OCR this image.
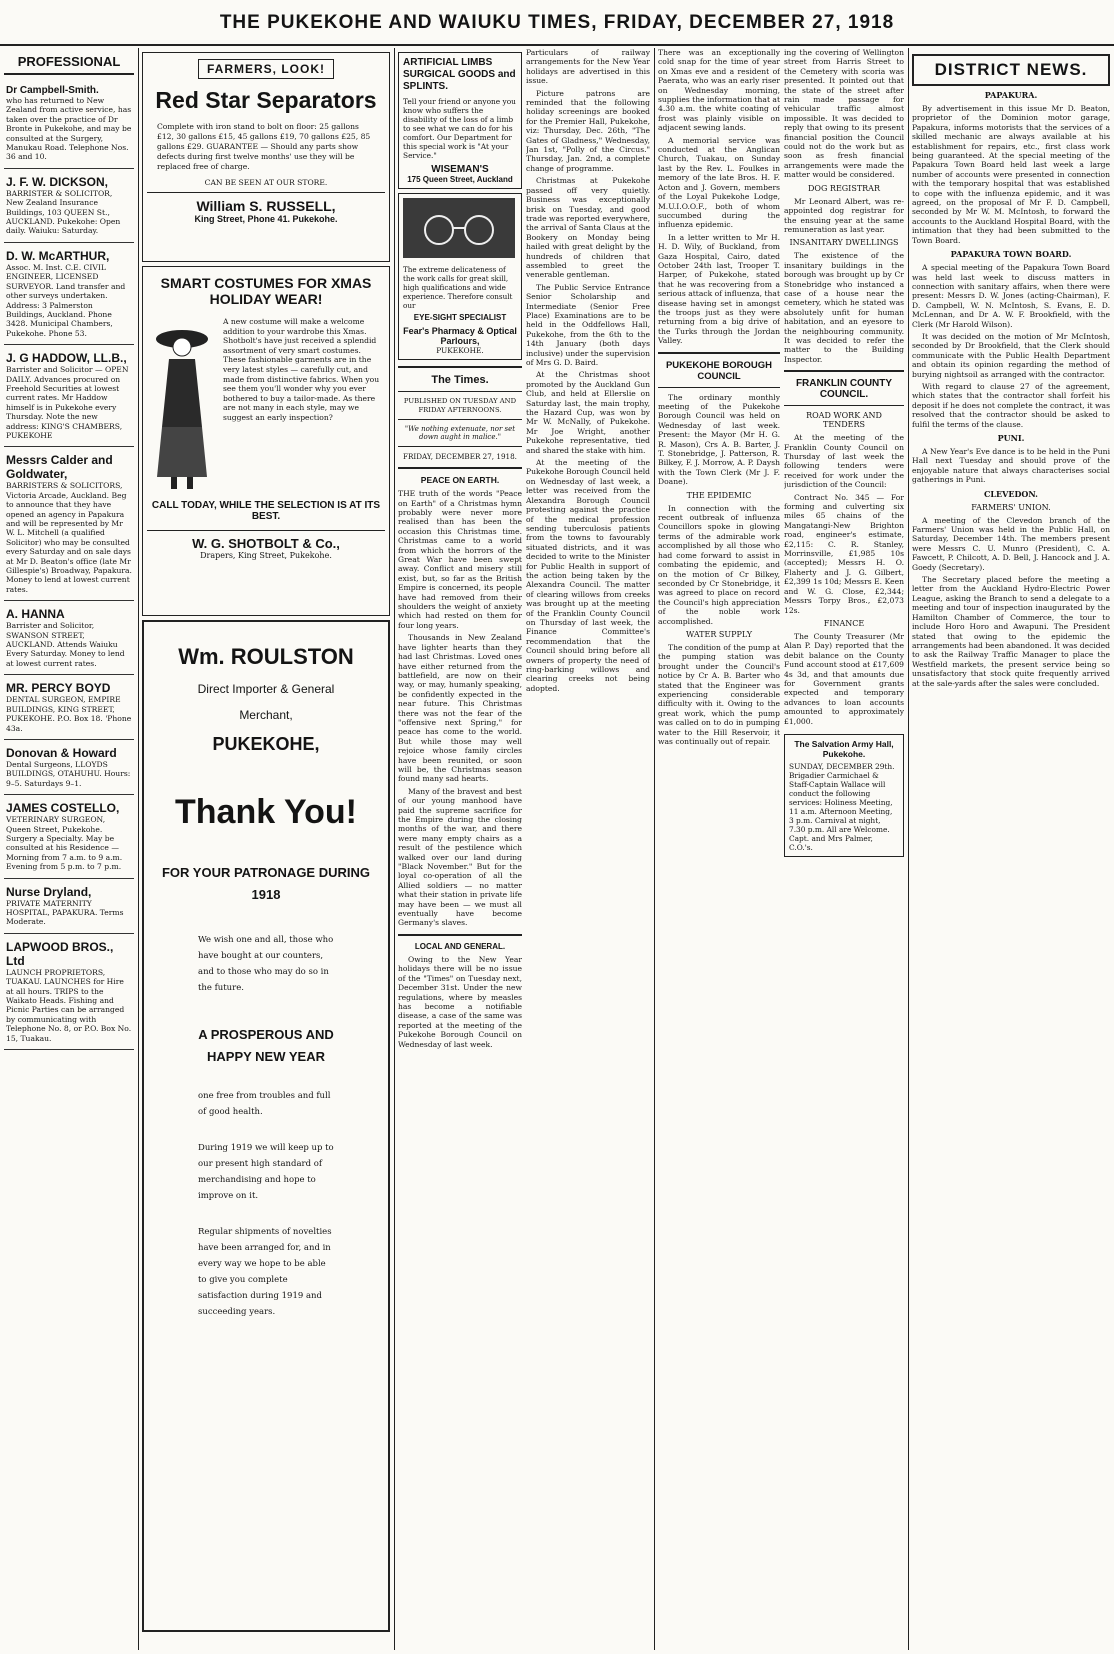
THE PUKEKOHE AND WAIUKU TIMES, FRIDAY, DECEMBER 27, 1918
PROFESSIONAL
Dr Campbell-Smith.
who has returned to New Zealand from active service, has taken over the practice of Dr Bronte in Pukekohe, and may be consulted at the Surgery, Manukau Road. Telephone Nos. 36 and 10.
J. F. W. DICKSON,
BARRISTER & SOLICITOR, New Zealand Insurance Buildings, 103 QUEEN St., AUCKLAND. Pukekohe: Open daily. Waiuku: Saturday.
D. W. McARTHUR,
Assoc. M. Inst. C.E. CIVIL ENGINEER, LICENSED SURVEYOR. Land transfer and other surveys undertaken. Address: 3 Palmerston Buildings, Auckland. Phone 3428. Municipal Chambers, Pukekohe. Phone 53.
J. G HADDOW, LL.B.,
Barrister and Solicitor — OPEN DAILY. Advances procured on Freehold Securities at lowest current rates. Mr Haddow himself is in Pukekohe every Thursday. Note the new address: KING'S CHAMBERS, PUKEKOHE
Messrs Calder and Goldwater,
BARRISTERS & SOLICITORS, Victoria Arcade, Auckland. Beg to announce that they have opened an agency in Papakura and will be represented by Mr W. L. Mitchell (a qualified Solicitor) who may be consulted every Saturday and on sale days at Mr D. Beaton's office (late Mr Gillespie's) Broadway, Papakura. Money to lend at lowest current rates.
A. HANNA
Barrister and Solicitor, SWANSON STREET, AUCKLAND. Attends Waiuku Every Saturday. Money to lend at lowest current rates.
MR. PERCY BOYD
DENTAL SURGEON, EMPIRE BUILDINGS, KING STREET, PUKEKOHE. P.O. Box 18. 'Phone 43a.
Donovan & Howard
Dental Surgeons, LLOYDS BUILDINGS, OTAHUHU. Hours: 9–5. Saturdays 9–1.
JAMES COSTELLO,
VETERINARY SURGEON, Queen Street, Pukekohe. Surgery a Specialty. May be consulted at his Residence — Morning from 7 a.m. to 9 a.m. Evening from 5 p.m. to 7 p.m.
Nurse Dryland,
PRIVATE MATERNITY HOSPITAL, PAPAKURA. Terms Moderate.
LAPWOOD BROS., Ltd
LAUNCH PROPRIETORS, TUAKAU. LAUNCHES for Hire at all hours. TRIPS to the Waikato Heads. Fishing and Picnic Parties can be arranged by communicating with Telephone No. 8, or P.O. Box No. 15, Tuakau.
FARMERS, LOOK!
Red Star Separators
Complete with iron stand to bolt on floor: 25 gallons £12, 30 gallons £15, 45 gallons £19, 70 gallons £25, 85 gallons £29. GUARANTEE — Should any parts show defects during first twelve months' use they will be replaced free of charge.
CAN BE SEEN AT OUR STORE.
William S. RUSSELL,
King Street, Phone 41. Pukekohe.
SMART COSTUMES FOR XMAS HOLIDAY WEAR!
A new costume will make a welcome addition to your wardrobe this Xmas. Shotbolt's have just received a splendid assortment of very smart costumes. These fashionable garments are in the very latest styles — carefully cut, and made from distinctive fabrics. When you see them you'll wonder why you ever bothered to buy a tailor-made. As there are not many in each style, may we suggest an early inspection?
CALL TODAY, WHILE THE SELECTION IS AT ITS BEST.
W. G. SHOTBOLT & Co.,
Drapers, King Street, Pukekohe.
Wm. ROULSTON
Direct Importer & General
Merchant,
PUKEKOHE,
Thank You!
FOR YOUR PATRONAGE DURING 1918
We wish one and all, those who have bought at our counters, and to those who may do so in the future.
A PROSPEROUS AND HAPPY NEW YEAR
one free from troubles and full of good health.
During 1919 we will keep up to our present high standard of merchandising and hope to improve on it.
Regular shipments of novelties have been arranged for, and in every way we hope to be able to give you complete satisfaction during 1919 and succeeding years.
ARTIFICIAL LIMBS SURGICAL GOODS and SPLINTS.
Tell your friend or anyone you know who suffers the disability of the loss of a limb to see what we can do for his comfort. Our Department for this special work is "At your Service."
WISEMAN'S
175 Queen Street, Auckland
The extreme delicateness of the work calls for great skill, high qualifications and wide experience. Therefore consult our
EYE-SIGHT SPECIALIST
Fear's Pharmacy & Optical Parlours,
PUKEKOHE.
The Times.
PUBLISHED ON TUESDAY AND FRIDAY AFTERNOONS.
"We nothing extenuate, nor set down aught in malice."
FRIDAY, DECEMBER 27, 1918.
PEACE ON EARTH.

THE truth of the words "Peace on Earth" of a Christmas hymn probably were never more realised than has been the occasion this Christmas time. Christmas came to a world from which the horrors of the Great War have been swept away. Conflict and misery still exist, but, so far as the British Empire is concerned, its people have had removed from their shoulders the weight of anxiety which had rested on them for four long years.

Thousands in New Zealand have lighter hearts than they had last Christmas. Loved ones have either returned from the battlefield, are now on their way, or may, humanly speaking, be confidently expected in the near future. This Christmas there was not the fear of the "offensive next Spring," for peace has come to the world. But while those may well rejoice whose family circles have been reunited, or soon will be, the Christmas season found many sad hearts.

Many of the bravest and best of our young manhood have paid the supreme sacrifice for the Empire during the closing months of the war, and there were many empty chairs as a result of the pestilence which walked over our land during "Black November." But for the loyal co-operation of all the Allied soldiers — no matter what their station in private life may have been — we must all eventually have become Germany's slaves.

LOCAL AND GENERAL.

Owing to the New Year holidays there will be no issue of the "Times" on Tuesday next, December 31st. Under the new regulations, where by measles has become a notifiable disease, a case of the same was reported at the meeting of the Pukekohe Borough Council on Wednesday of last week.

Particulars of railway arrangements for the New Year holidays are advertised in this issue.

Picture patrons are reminded that the following holiday screenings are booked for the Premier Hall, Pukekohe, viz: Thursday, Dec. 26th, "The Gates of Gladness," Wednesday, Jan 1st, "Polly of the Circus." Thursday, Jan. 2nd, a complete change of programme.

Christmas at Pukekohe passed off very quietly. Business was exceptionally brisk on Tuesday, and good trade was reported everywhere, the arrival of Santa Claus at the Bookery on Monday being hailed with great delight by the hundreds of children that assembled to greet the venerable gentleman.

The Public Service Entrance Senior Scholarship and Intermediate (Senior Free Place) Examinations are to be held in the Oddfellows Hall, Pukekohe, from the 6th to the 14th January (both days inclusive) under the supervision of Mrs G. D. Baird.

At the Christmas shoot promoted by the Auckland Gun Club, and held at Ellerslie on Saturday last, the main trophy, the Hazard Cup, was won by Mr W. McNally, of Pukekohe. Mr Joe Wright, another Pukekohe representative, tied and shared the stake with him.

At the meeting of the Pukekohe Borough Council held on Wednesday of last week, a letter was received from the Alexandra Borough Council protesting against the practice of the medical profession sending tuberculosis patients from the towns to favourably situated districts, and it was decided to write to the Minister for Public Health in support of the action being taken by the Alexandra Council. The matter of clearing willows from creeks was brought up at the meeting of the Franklin County Council on Thursday of last week, the Finance Committee's recommendation that the Council should bring before all owners of property the need of ring-barking willows and clearing creeks not being adopted.

There was an exceptionally cold snap for the time of year on Xmas eve and a resident of Paerata, who was an early riser on Wednesday morning, supplies the information that at 4.30 a.m. the white coating of frost was plainly visible on adjacent sewing lands.

A memorial service was conducted at the Anglican Church, Tuakau, on Sunday last by the Rev. L. Foulkes in memory of the late Bros. H. F. Acton and J. Govern, members of the Loyal Pukekohe Lodge, M.U.I.O.O.F., both of whom succumbed during the influenza epidemic.

In a letter written to Mr H. H. D. Wily, of Buckland, from Gaza Hospital, Cairo, dated October 24th last, Trooper T. Harper, of Pukekohe, stated that he was recovering from a serious attack of influenza, that disease having set in amongst the troops just as they were returning from a big drive of the Turks through the Jordan Valley.

PUKEKOHE BOROUGH COUNCIL

The ordinary monthly meeting of the Pukekohe Borough Council was held on Wednesday of last week. Present: the Mayor (Mr H. G. R. Mason), Crs A. B. Barter, J. T. Stonebridge, J. Patterson, R. Bilkey, F. J. Morrow, A. P. Daysh with the Town Clerk (Mr J. F. Doane).

THE EPIDEMIC

In connection with the recent outbreak of influenza Councillors spoke in glowing terms of the admirable work accomplished by all those who had come forward to assist in combating the epidemic, and on the motion of Cr Bilkey, seconded by Cr Stonebridge, it was agreed to place on record the Council's high appreciation of the noble work accomplished.

WATER SUPPLY

The condition of the pump at the pumping station was brought under the Council's notice by Cr A. B. Barter who stated that the Engineer was experiencing considerable difficulty with it. Owing to the great work, which the pump was called on to do in pumping water to the Hill Reservoir, it was continually out of repair.

ing the covering of Wellington street from Harris Street to the Cemetery with scoria was presented. It pointed out that the state of the street after rain made passage for vehicular traffic almost impossible. It was decided to reply that owing to its present financial position the Council could not do the work but as soon as fresh financial arrangements were made the matter would be considered.

DOG REGISTRAR

Mr Leonard Albert, was re-appointed dog registrar for the ensuing year at the same remuneration as last year.

INSANITARY DWELLINGS

The existence of the insanitary buildings in the borough was brought up by Cr Stonebridge who instanced a case of a house near the cemetery, which he stated was absolutely unfit for human habitation, and an eyesore to the neighbouring community. It was decided to refer the matter to the Building Inspector.

FRANKLIN COUNTY COUNCIL.
ROAD WORK AND TENDERS

At the meeting of the Franklin County Council on Thursday of last week the following tenders were received for work under the jurisdiction of the Council:

Contract No. 345 — For forming and culverting six miles 65 chains of the Mangatangi-New Brighton road, engineer's estimate, £2,115: C. R. Stanley, Morrinsville, £1,985 10s (accepted); Messrs H. O. Flaherty and J. G. Gilbert, £2,399 1s 10d; Messrs E. Keen and W. G. Close, £2,344; Messrs Torpy Bros., £2,073 12s.

FINANCE

The County Treasurer (Mr Alan P. Day) reported that the debit balance on the County Fund account stood at £17,609 4s 3d, and that amounts due for Government grants expected and temporary advances to loan accounts amounted to approximately £1,000.

The Salvation Army Hall, Pukekohe.
SUNDAY, DECEMBER 29th. Brigadier Carmichael & Staff-Captain Wallace will conduct the following services: Holiness Meeting, 11 a.m. Afternoon Meeting, 3 p.m. Carnival at night, 7.30 p.m. All are Welcome. Capt. and Mrs Palmer, C.O.'s.
DISTRICT NEWS.
PAPAKURA.

By advertisement in this issue Mr D. Beaton, proprietor of the Dominion motor garage, Papakura, informs motorists that the services of a skilled mechanic are always available at his establishment for repairs, etc., first class work being guaranteed. At the special meeting of the Papakura Town Board held last week a large number of accounts were presented in connection with the temporary hospital that was established to cope with the influenza epidemic, and it was agreed, on the proposal of Mr F. D. Campbell, seconded by Mr W. M. McIntosh, to forward the accounts to the Auckland Hospital Board, with the intimation that they had been submitted to the Town Board.

PAPAKURA TOWN BOARD.

A special meeting of the Papakura Town Board was held last week to discuss matters in connection with sanitary affairs, when there were present: Messrs D. W. Jones (acting-Chairman), F. D. Campbell, W. N. McIntosh, S. Evans, E. D. McLennan, and Dr A. W. F. Brookfield, with the Clerk (Mr Harold Wilson).

It was decided on the motion of Mr McIntosh, seconded by Dr Brookfield, that the Clerk should communicate with the Public Health Department and obtain its opinion regarding the method of burying nightsoil as arranged with the contractor.

With regard to clause 27 of the agreement, which states that the contractor shall forfeit his deposit if he does not complete the contract, it was resolved that the contractor should be asked to fulfil the terms of the clause.

PUNI.

A New Year's Eve dance is to be held in the Puni Hall next Tuesday and should prove of the enjoyable nature that always characterises social gatherings in Puni.

CLEVEDON.
FARMERS' UNION.

A meeting of the Clevedon branch of the Farmers' Union was held in the Public Hall, on Saturday, December 14th. The members present were Messrs C. U. Munro (President), C. A. Fawcett, P. Chilcott, A. D. Bell, J. Hancock and J. A. Goedy (Secretary).

The Secretary placed before the meeting a letter from the Auckland Hydro-Electric Power League, asking the Branch to send a delegate to a meeting and tour of inspection inaugurated by the Hamilton Chamber of Commerce, the tour to include Horo Horo and Awapuni. The President stated that owing to the epidemic the arrangements had been abandoned. It was decided to ask the Railway Traffic Manager to place the Westfield markets, the present service being so unsatisfactory that stock quite frequently arrived at the sale-yards after the sales were concluded.
